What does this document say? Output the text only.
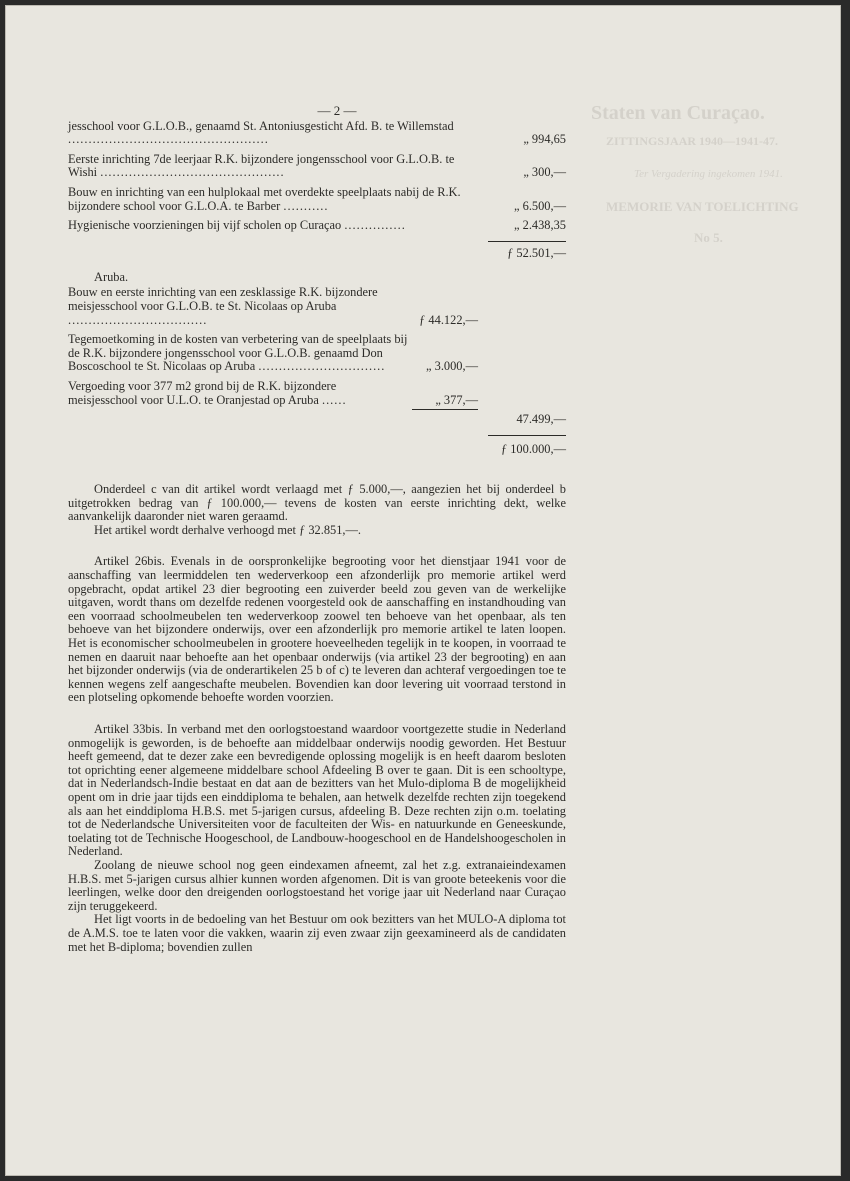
Staten van Curaçao.
ZITTINGSJAAR 1940—1941-47.
Ter Vergadering ingekomen 1941.
MEMORIE VAN TOELICHTING
No 5.
— 2 —
jesschool voor G.L.O.B., genaamd St. Antoniusgesticht Afd. B. te Willemstad .................................................	„ 994,65
Eerste inrichting 7de leerjaar R.K. bijzondere jongensschool voor G.L.O.B. te Wishi .............................................	„ 300,—
Bouw en inrichting van een hulplokaal met overdekte speelplaats nabij de R.K. bijzondere school voor G.L.O.A. te Barber ...........	„ 6.500,—
Hygienische voorzieningen bij vijf scholen op Curaçao ...............	„ 2.438,35
ƒ 52.501,—
Aruba.
Bouw en eerste inrichting van een zesklassige R.K. bijzondere meisjesschool voor G.L.O.B. te St. Nicolaas op Aruba ..................................	ƒ 44.122,—
Tegemoetkoming in de kosten van verbetering van de speelplaats bij de R.K. bijzondere jongensschool voor G.L.O.B. genaamd Don Boscoschool te St. Nicolaas op Aruba ...............................	„ 3.000,—
Vergoeding voor 377 m2 grond bij de R.K. bijzondere meisjesschool voor U.L.O. te Oranjestad op Aruba ......	„ 377,—
47.499,—
ƒ 100.000,—

Onderdeel c van dit artikel wordt verlaagd met ƒ 5.000,—, aangezien het bij onderdeel b uitgetrokken bedrag van ƒ 100.000,— tevens de kosten van eerste inrichting dekt, welke aanvankelijk daaronder niet waren geraamd.

Het artikel wordt derhalve verhoogd met ƒ 32.851,—.

Artikel 26bis. Evenals in de oorspronkelijke begrooting voor het dienstjaar 1941 voor de aanschaffing van leermiddelen ten wederverkoop een afzonderlijk pro memorie artikel werd opgebracht, opdat artikel 23 dier begrooting een zuiverder beeld zou geven van de werkelijke uitgaven, wordt thans om dezelfde redenen voorgesteld ook de aanschaffing en instandhouding van een voorraad schoolmeubelen ten wederverkoop zoowel ten behoeve van het openbaar, als ten behoeve van het bijzondere onderwijs, over een afzonderlijk pro memorie artikel te laten loopen. Het is economischer schoolmeubelen in grootere hoeveelheden tegelijk in te koopen, in voorraad te nemen en daaruit naar behoefte aan het openbaar onderwijs (via artikel 23 der begrooting) en aan het bijzonder onderwijs (via de onderartikelen 25 b of c) te leveren dan achteraf vergoedingen toe te kennen wegens zelf aangeschafte meubelen. Bovendien kan door levering uit voorraad terstond in een plotseling opkomende behoefte worden voorzien.

Artikel 33bis. In verband met den oorlogstoestand waardoor voortgezette studie in Nederland onmogelijk is geworden, is de behoefte aan middelbaar onderwijs noodig geworden. Het Bestuur heeft gemeend, dat te dezer zake een bevredigende oplossing mogelijk is en heeft daarom besloten tot oprichting eener algemeene middelbare school Afdeeling B over te gaan. Dit is een schooltype, dat in Nederlandsch-Indie bestaat en dat aan de bezitters van het Mulo-diploma B de mogelijkheid opent om in drie jaar tijds een einddiploma te behalen, aan hetwelk dezelfde rechten zijn toegekend als aan het einddiploma H.B.S. met 5-jarigen cursus, afdeeling B. Deze rechten zijn o.m. toelating tot de Nederlandsche Universiteiten voor de faculteiten der Wis- en natuurkunde en Geneeskunde, toelating tot de Technische Hoogeschool, de Landbouw-hoogeschool en de Handelshoogescholen in Nederland.

Zoolang de nieuwe school nog geen eindexamen afneemt, zal het z.g. extranaieindexamen H.B.S. met 5-jarigen cursus alhier kunnen worden afgenomen. Dit is van groote beteekenis voor die leerlingen, welke door den dreigenden oorlogstoestand het vorige jaar uit Nederland naar Curaçao zijn teruggekeerd.

Het ligt voorts in de bedoeling van het Bestuur om ook bezitters van het MULO-A diploma tot de A.M.S. toe te laten voor die vakken, waarin zij even zwaar zijn geexamineerd als de candidaten met het B-diploma; bovendien zullen
